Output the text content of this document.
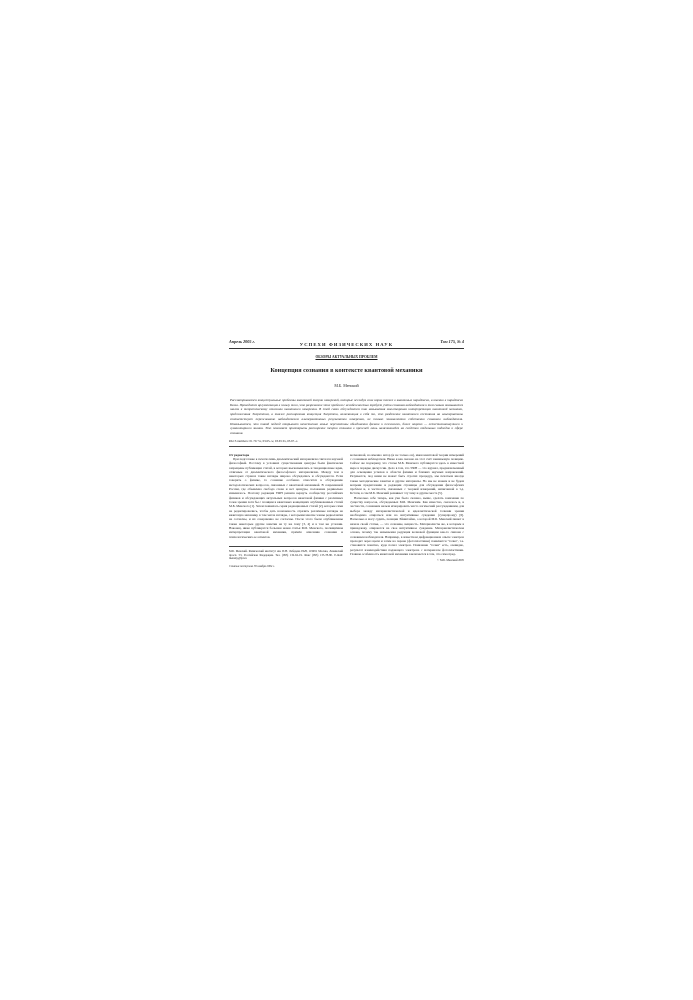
Апрель 2005 г.
УСПЕХИ ФИЗИЧЕСКИХ НАУК
Том 175, № 4
ОБЗОРЫ АКТУАЛЬНЫХ ПРОБЛЕМ
Концепция сознания в контексте квантовой механики
М.Б. Менский
Рассматриваются концептуальные проблемы квантовой теории измерений, которые исследуя свои корни теснее в квантовых парадоксах, а именно в парадоксах Белла. Проводится аргументация в пользу того, что разрешение этих проблем с неизбежностью требует учёта сознания наблюдателя и тем самым оказывается шагом к теоретическому описанию квантового измерения. В этой связи обсуждается так называемая многомировая интерпретация квантовой механики, предложенная Эвереттом, а также расширенная концепция Эверетта, включающая в себя то, что разделение квантового состояния на альтернативы соответствует переживанию наблюдателем альтернативных результатов измерения, не только эквивалентно собственно сознанию наблюдателя. Показывается, что такой подход открывает качественно новые перспективы объединения физики и психологии, более широко — естественнонаучного и гуманитарного знания. Это позволяет приоткрыть расширение теории сознания в прежней лишь намечавшейся на сходство отдельных подходов к сфере сознания.
PACS numbers: 01.70.+w, 03.65.-w, 03.65.Ta, 03.67.-a
От редактора

При подготовке к печати лишь диалектический материализм считался научной философией. Поэтому в условиях существования цензуры были фактически запрещены публикации статей, в которых высказывались и тенденциозные идеи, отличные от диалектического философского материализма. Между тем в некоторых странах такие взгляды широко обсуждались и обсуждаются. Если говорить о физике, то сознание особенно относится к обсуждению методологических вопросов, связанных с квантовой механикой. В современной России, где объявлена свобода слова и нет цензуры, положение радикально изменилось. Поэтому редакция УФН решила вернуть сообществу российских физиков и обсуждающих актуальных вопросов квантовой физики с различных точек зрения хотя бы с позиции в квантовых концепциях опубликованных статей М.Б. Менского [1]. Затем появилась серия редакционных статей [2], которые сами не редактировались, чтобы дать возможность отразить различные взгляды на квантовую механику, в том числе взгляды, с которыми многие члены редколлегии не согласны, и их совершенно не согласны. После этого были опубликованы также некоторые другие заметки на ту же тему [3, 4] и в том же условии. Наконец, ниже публикуется большая новая статья М.Б. Менского, посвящённая интерпретации квантовой механики, причём описанию сознания и психологических ее аспектов.

М.Б. Менский. Физический институт им. П.Н. Лебедева РАН, 119991 Москва, Ленинский просп. 53, Российская Федерация. Тел. (095) 132-62-19. Факс (095) 135-78-80. E-mail: mensky@lpi.ru
Статья поступила 30 ноября 2004 г.

возможной, но именно автор (и не только он), имея квантовой теории измерений с сознанием наблюдателя. Ниже я как сказано на этот счёт занимаемую позицию. Сейчас же подчеркну, что статья М.Б. Менского публикуется здесь в известной мере в порядке дискуссии. Дело в том, что УФН — это журнал, предназначенный для освещения успехов в области физики и близких научных направлений. Разумеется, под ними не может быть строгих процедур, мы печатаем иногда также методические заметки и другие материалы. Но мы не можем и не будем вопреки предисловию и редакции страницы для обсуждения философских проблем и, в частности, связанных с теорией измерений, написанной в т.д. Кстати, в сам М.Б. Менский развивает эту тему и другие места [5].

Насколько себе теперь, как уже было сказано, выше, сделать замечание по существу вопросов, обсуждаемых М.Б. Менским. Как известно, сказалось и, в частности, сознанием нельзя игнорировать чисто логический рассуждениями, для выбора между материалистической и идеалистической точками зрения необходимо опираться или на интуитивные суждения (суперпрому) [6]. Насколько я могу судить, позиция Эйнштейна, о которой М.Б. Менский пишет в начале своей статьи, — это сознание, вещность. Материалисты же, к которым я принадлежу, опираются на свое интуитивное суждение. Материалистическая основа, почему так называемая редукция волновой функции как-то связана с сознанием наблюдателя. Например, в известном дифракционном опыте электрон проходит через щели и затем на экране (фотопластинке) появляется "точка", т.е. становится понятно, куда попал электрон. Появление "точки" есть, очевидно, результат взаимодействия падающего электрона с материалом фотопластинки. Главная особенность квантовой механики заключается в том, что сама пред-

© М.Б. Менский 2005
